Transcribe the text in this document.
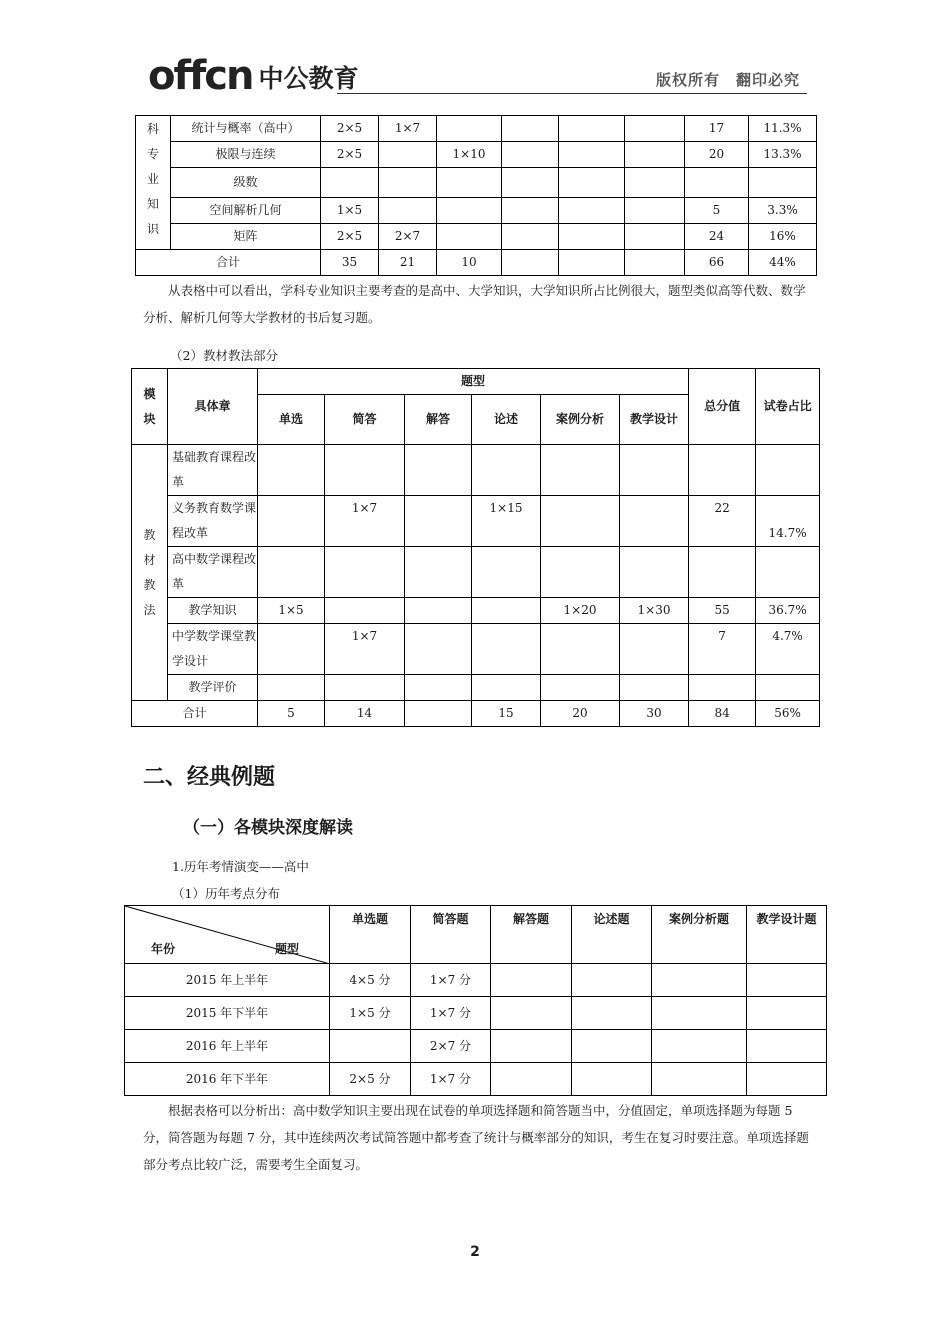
offcn 中公教育	版权所有　翻印必究
科
专
业
知
识	统计与概率（高中）	2×5	1×7					17	11.3%
	极限与连续	2×5		1×10				20	13.3%
	级数								
	空间解析几何	1×5						5	3.3%
	矩阵	2×5	2×7					24	16%
合计		35	21	10				66	44%

从表格中可以看出，学科专业知识主要考查的是高中、大学知识，大学知识所占比例很大，题型类似高等代数、数学分析、解析几何等大学教材的书后复习题。

（2）教材教法部分
模块	具体章	题型						总分值	试卷占比

		单选	简答	解答	论述	案例分析	教学设计		

教
材
教
法	基础教育课程改革								

	义务教育数学课程改革		1×7		1×15			22	14.7%

	高中数学课程改革								

	教学知识	1×5				1×20	1×30	55	36.7%

	中学数学课堂教学设计		1×7					7	4.7%
	教学评价								
合计		5	14		15	20	30	84	56%
二、经典例题
（一）各模块深度解读
1.历年考情演变——高中
（1）历年考点分布
年份 题型	单选题	简答题	解答题	论述题	案例分析题	教学设计题

2015 年上半年	4×5 分	1×7 分				
2015 年下半年	1×5 分	1×7 分				
2016 年上半年		2×7 分				
2016 年下半年	2×5 分	1×7 分				

根据表格可以分析出：高中数学知识主要出现在试卷的单项选择题和简答题当中，分值固定，单项选择题为每题 5 分，简答题为每题 7 分，其中连续两次考试简答题中都考查了统计与概率部分的知识，考生在复习时要注意。单项选择题部分考点比较广泛，需要考生全面复习。

2
